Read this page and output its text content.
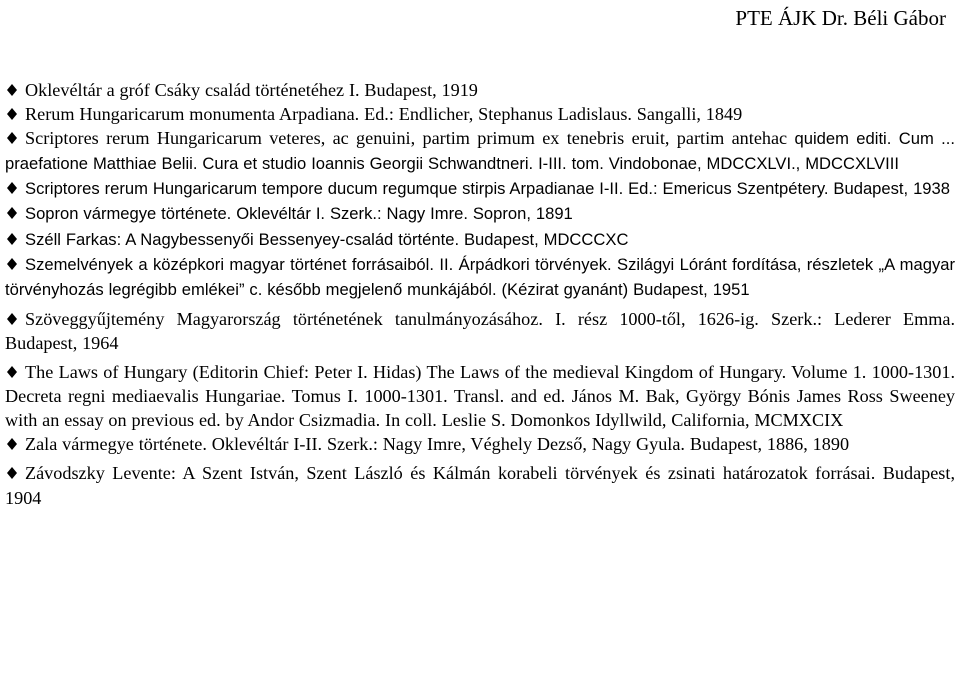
PTE ÁJK Dr. Béli Gábor

Oklevéltár a gróf Csáky család történetéhez I. Budapest, 1919

Rerum Hungaricarum monumenta Arpadiana. Ed.: Endlicher, Stephanus Ladislaus. Sangalli, 1849

Scriptores rerum Hungaricarum veteres, ac genuini, partim primum ex tenebris eruit, partim antehac quidem editi. Cum ... praefatione Matthiae Belii. Cura et studio Ioannis Georgii Schwandtneri. I-III. tom. Vindobonae, MDCCXLVI., MDCCXLVIII

Scriptores rerum Hungaricarum tempore ducum regumque stirpis Arpadianae I-II. Ed.: Emericus Szentpétery. Budapest, 1938

Sopron vármegye története. Oklevéltár I. Szerk.: Nagy Imre. Sopron, 1891

Széll Farkas: A Nagybessenyői Bessenyey-család történte. Budapest, MDCCCXC

Szemelvények a középkori magyar történet forrásaiból. II. Árpádkori törvények. Szilágyi Lóránt fordítása, részletek „A magyar törvényhozás legrégibb emlékei” c. később megjelenő munkájából. (Kézirat gyanánt) Budapest, 1951

Szöveggyűjtemény Magyarország történetének tanulmányozásához. I. rész 1000-től, 1626-ig. Szerk.: Lederer Emma. Budapest, 1964

The Laws of Hungary (Editorin Chief: Peter I. Hidas) The Laws of the medieval Kingdom of Hungary. Volume 1. 1000-1301. Decreta regni mediaevalis Hungariae. Tomus I. 1000-1301. Transl. and ed. János M. Bak, György Bónis James Ross Sweeney with an essay on previous ed. by Andor Csizmadia. In coll. Leslie S. Domonkos Idyllwild, California, MCMXCIX

Zala vármegye története. Oklevéltár I-II. Szerk.: Nagy Imre, Véghely Dezső, Nagy Gyula. Budapest, 1886, 1890

Závodszky Levente: A Szent István, Szent László és Kálmán korabeli törvények és zsinati határozatok forrásai. Budapest, 1904
